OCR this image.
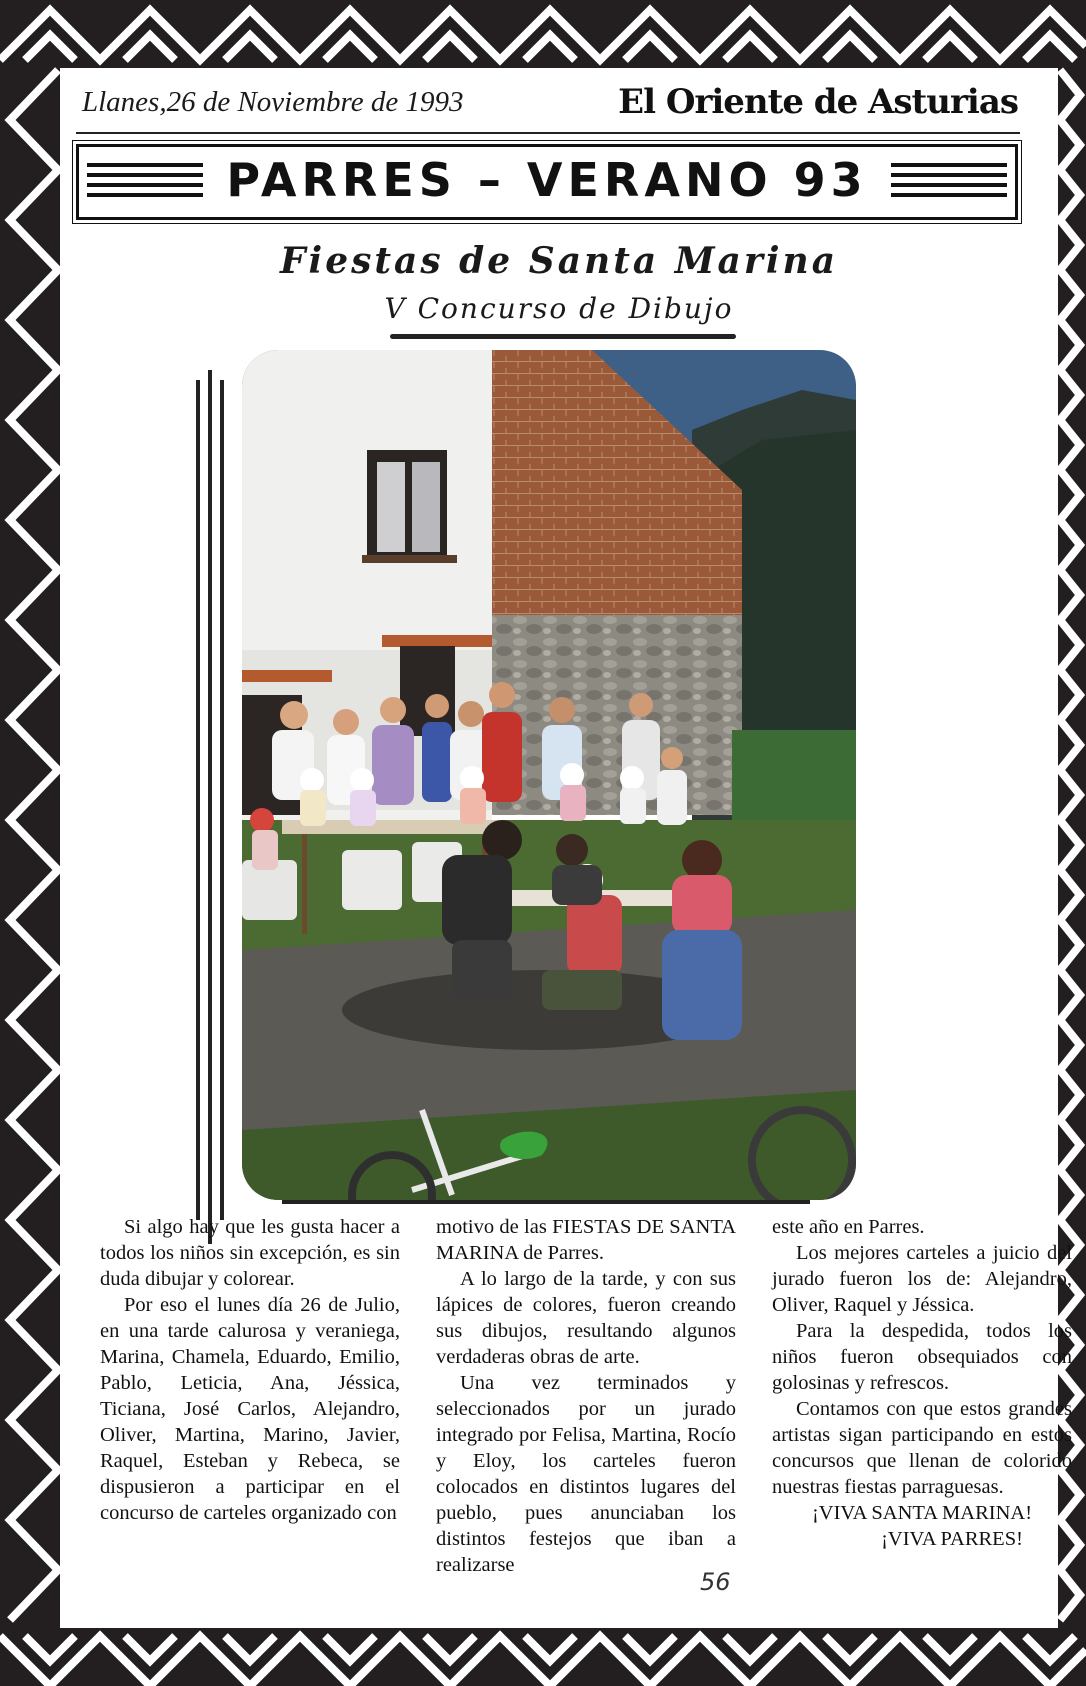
Llanes,26 de Noviembre de 1993	El Oriente de Asturias
PARRES – VERANO 93
Fiestas de Santa Marina
V Concurso de Dibujo

Si algo hay que les gusta hacer a todos los niños sin excepción, es sin duda dibujar y colorear.

Por eso el lunes día 26 de Julio, en una tarde calurosa y veraniega, Marina, Chamela, Eduardo, Emilio, Pablo, Leticia, Ana, Jéssica, Ticiana, José Carlos, Alejandro, Oliver, Martina, Marino, Javier, Raquel, Esteban y Rebeca, se dispusieron a participar en el concurso de carteles organizado con

motivo de las FIESTAS DE SANTA MARINA de Parres.

A lo largo de la tarde, y con sus lápices de colores, fueron creando sus dibujos, resultando algunos verdaderas obras de arte.

Una vez terminados y seleccionados por un jurado integrado por Felisa, Martina, Rocío y Eloy, los carteles fueron colocados en distintos lugares del pueblo, pues anunciaban los distintos festejos que iban a realizarse

este año en Parres.

Los mejores carteles a juicio del jurado fueron los de: Alejandro, Oliver, Raquel y Jéssica.

Para la despedida, todos los niños fueron obsequiados con golosinas y refrescos.

Contamos con que estos grandes artistas sigan participando en estos concursos que llenan de colorido nuestras fiestas parraguesas.

¡VIVA SANTA MARINA!

¡VIVA PARRES!

56
